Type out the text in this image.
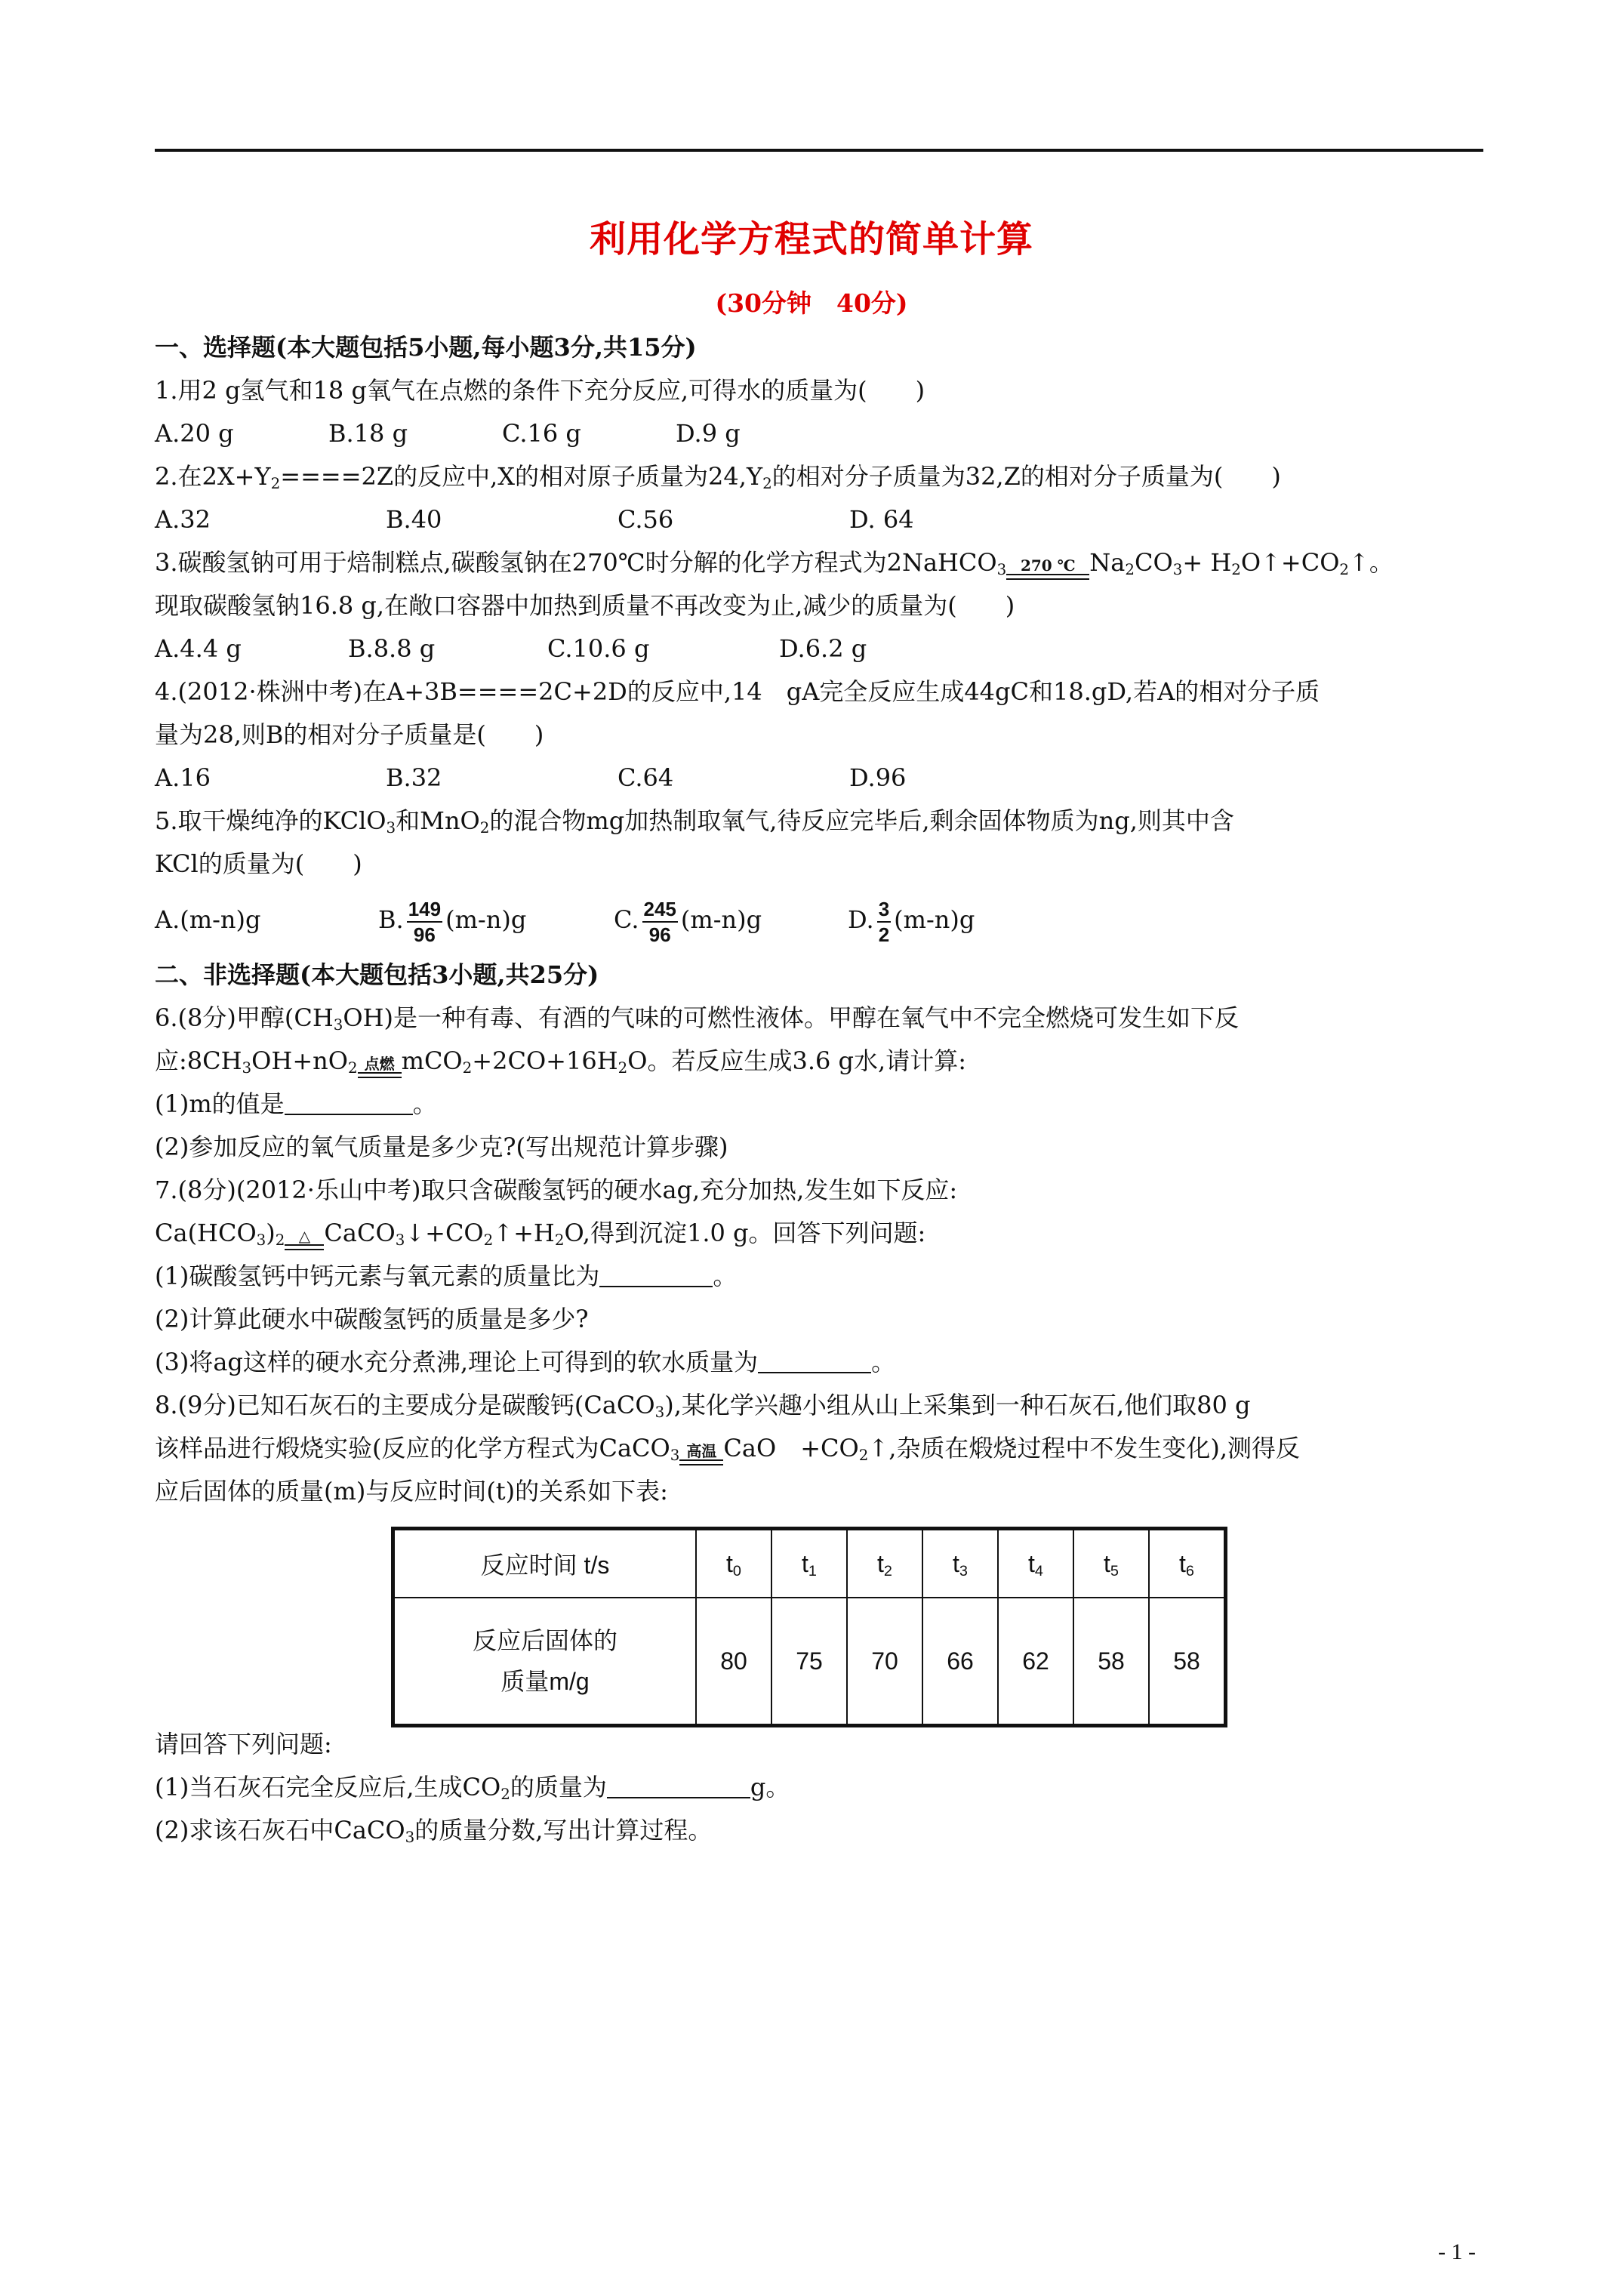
利用化学方程式的简单计算
(30分钟　40分)
一、选择题(本大题包括5小题,每小题3分,共15分)
1.用2 g氢气和18 g氧气在点燃的条件下充分反应,可得水的质量为(　　)
A.20 g	B.18 g	C.16 g	D.9 g
2.在$2X+Y_2====2Z$的反应中,X的相对原子质量为$24,Y_2$的相对分子质量为32,Z的相对分子质量为(　　)
A.32	B.40	C.56	D. 64
3.碳酸氢钠可用于焙制糕点,碳酸氢钠在270℃时分解的化学方程式为2NaHCO$_3$ 270 ℃ $Na_2CO_3+$ $H_2O↑+CO_2↑$。
现取碳酸氢钠16.8 g,在敞口容器中加热到质量不再改变为止,减少的质量为(　　)
A.4.4 g	B.8.8 g	C.10.6 g	D.6.2 g
4.(2012·株洲中考)在A+3B====2C+2D的反应中,14　gA完全反应生成44gC和18.gD,若A的相对分子质
量为28,则B的相对分子质量是(　　)
A.16	B.32	C.64	D.96
5.取干燥纯净的KClO$_3$和MnO$_2$的混合物mg加热制取氧气,待反应完毕后,剩余固体物质为ng,则其中含
KCl的质量为(　　)
A.(m-n)g	B. $\frac{149}{96} (m-n)g$	C. $\frac{245}{96} (m-n)g$	D. $\frac{3}{2} (m-n)g$
二、非选择题(本大题包括3小题,共25分)
6.(8分)甲醇$(CH_3OH)$是一种有毒、有酒的气味的可燃性液体。甲醇在氧气中不完全燃烧可发生如下反
应$:8CH_3OH+nO_2$ 点燃 $mCO_2+2CO+16H_2O$。若反应生成3.6 g水,请计算:
(1)m的值是	。
(2)参加反应的氧气质量是多少克?(写出规范计算步骤)
7.(8分)(2012·乐山中考)取只含碳酸氢钙的硬水ag,充分加热,发生如下反应:
$Ca(HCO_3)_2$ △ $CaCO_3↓+CO_2↑+H_2O$,得到沉淀1.0 g。回答下列问题:
(1)碳酸氢钙中钙元素与氧元素的质量比为	。
(2)计算此硬水中碳酸氢钙的质量是多少?
(3)将ag这样的硬水充分煮沸,理论上可得到的软水质量为	。
8.(9分)已知石灰石的主要成分是碳酸钙(CaCO$_3$),某化学兴趣小组从山上采集到一种石灰石,他们取80 g
该样品进行煅烧实验(反应的化学方程式为CaCO$_3$ 高温 CaO　$+CO_2↑$,杂质在煅烧过程中不发生变化),测得反
应后固体的质量(m)与反应时间(t)的关系如下表:
反应时间 t/s	$t_0$	$t_1$	$t_2$	$t_3$	$t_4$	$t_5$	$t_6$

反应后固体的
质量m/g	80	75	70	66	62	58	58
请回答下列问题:
(1)当石灰石完全反应后,生成$CO_2$的质量为	g。
(2)求该石灰石中CaCO$_3$的质量分数,写出计算过程。
- 1 -
